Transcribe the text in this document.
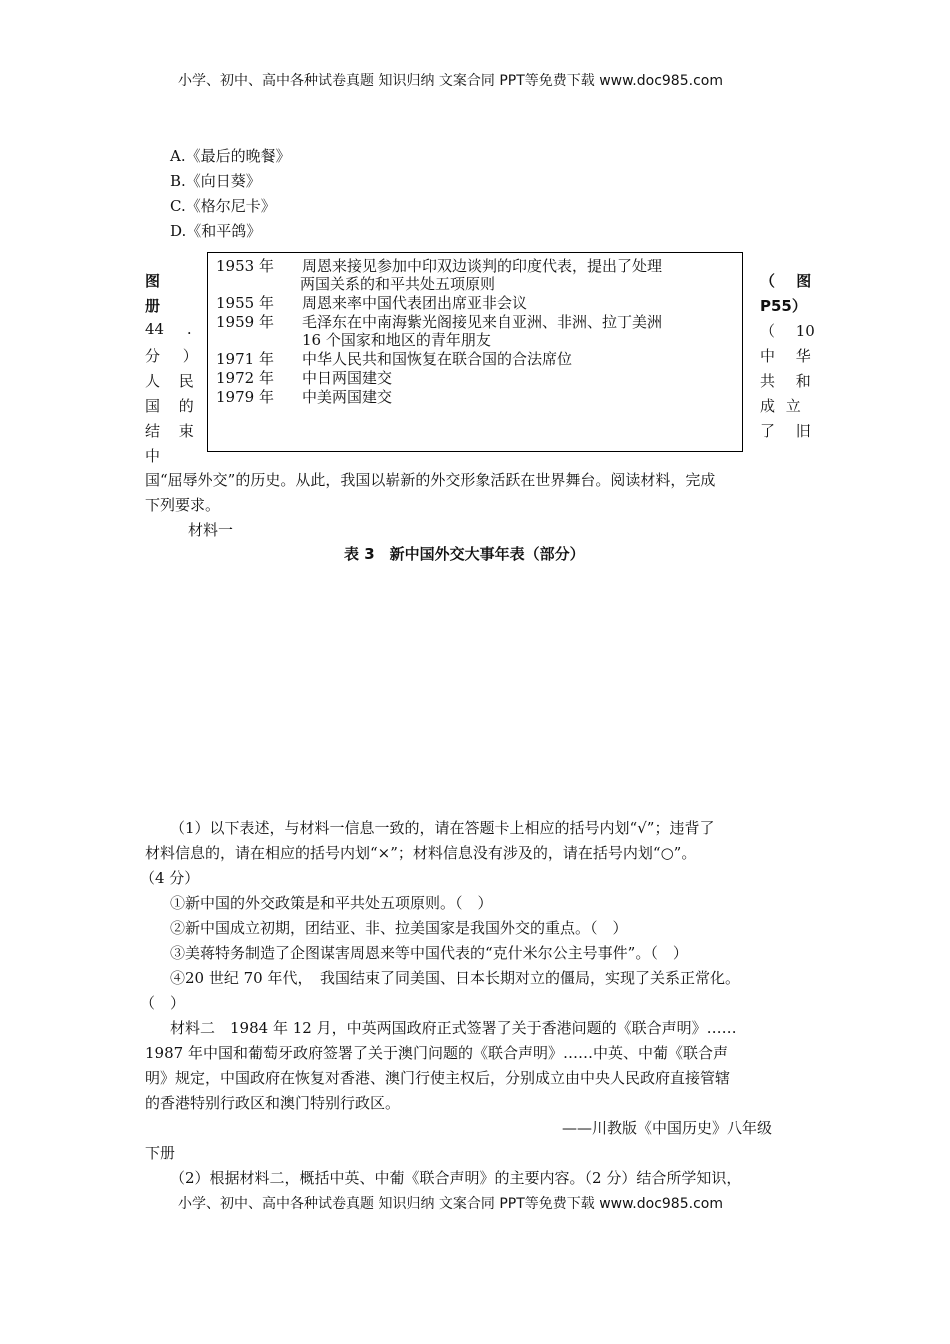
小学、初中、高中各种试卷真题 知识归纳 文案合同 PPT等免费下载 www.doc985.com
A.《最后的晚餐》
B.《向日葵》
C.《格尔尼卡》
D.《和平鸽》
1953 年 周恩来接见参加中印双边谈判的印度代表，提出了处理
两国关系的和平共处五项原则
1955 年 周恩来率中国代表团出席亚非会议
1959 年 毛泽东在中南海紫光阁接见来自亚洲、非洲、拉丁美洲
16 个国家和地区的青年朋友
1971 年 中华人民共和国恢复在联合国的合法席位
1972 年 中日两国建交
1979 年 中美两国建交
图
册
44 .
分 ）
人 民
国 的
结 束
中
（ 图
P55）
（ 10
中 华
共 和
成 立
了 旧
国“屈辱外交”的历史。从此，我国以崭新的外交形象活跃在世界舞台。阅读材料，完成
下列要求。
材料一
表 3　新中国外交大事年表（部分）
（1）以下表述，与材料一信息一致的，请在答题卡上相应的括号内划“√”；违背了
材料信息的，请在相应的括号内划“×”；材料信息没有涉及的，请在括号内划“○”。
（4 分）
①新中国的外交政策是和平共处五项原则。（　）
②新中国成立初期，团结亚、非、拉美国家是我国外交的重点。（　）
③美蒋特务制造了企图谋害周恩来等中国代表的“克什米尔公主号事件”。（　）
④20 世纪 70 年代，　我国结束了同美国、日本长期对立的僵局，实现了关系正常化。
（　）
材料二　1984 年 12 月，中英两国政府正式签署了关于香港问题的《联合声明》……
1987 年中国和葡萄牙政府签署了关于澳门问题的《联合声明》……中英、中葡《联合声
明》规定，中国政府在恢复对香港、澳门行使主权后，分别成立由中央人民政府直接管辖
的香港特别行政区和澳门特别行政区。
——川教版《中国历史》八年级
下册
（2）根据材料二，概括中英、中葡《联合声明》的主要内容。（2 分）结合所学知识，
小学、初中、高中各种试卷真题 知识归纳 文案合同 PPT等免费下载 www.doc985.com
